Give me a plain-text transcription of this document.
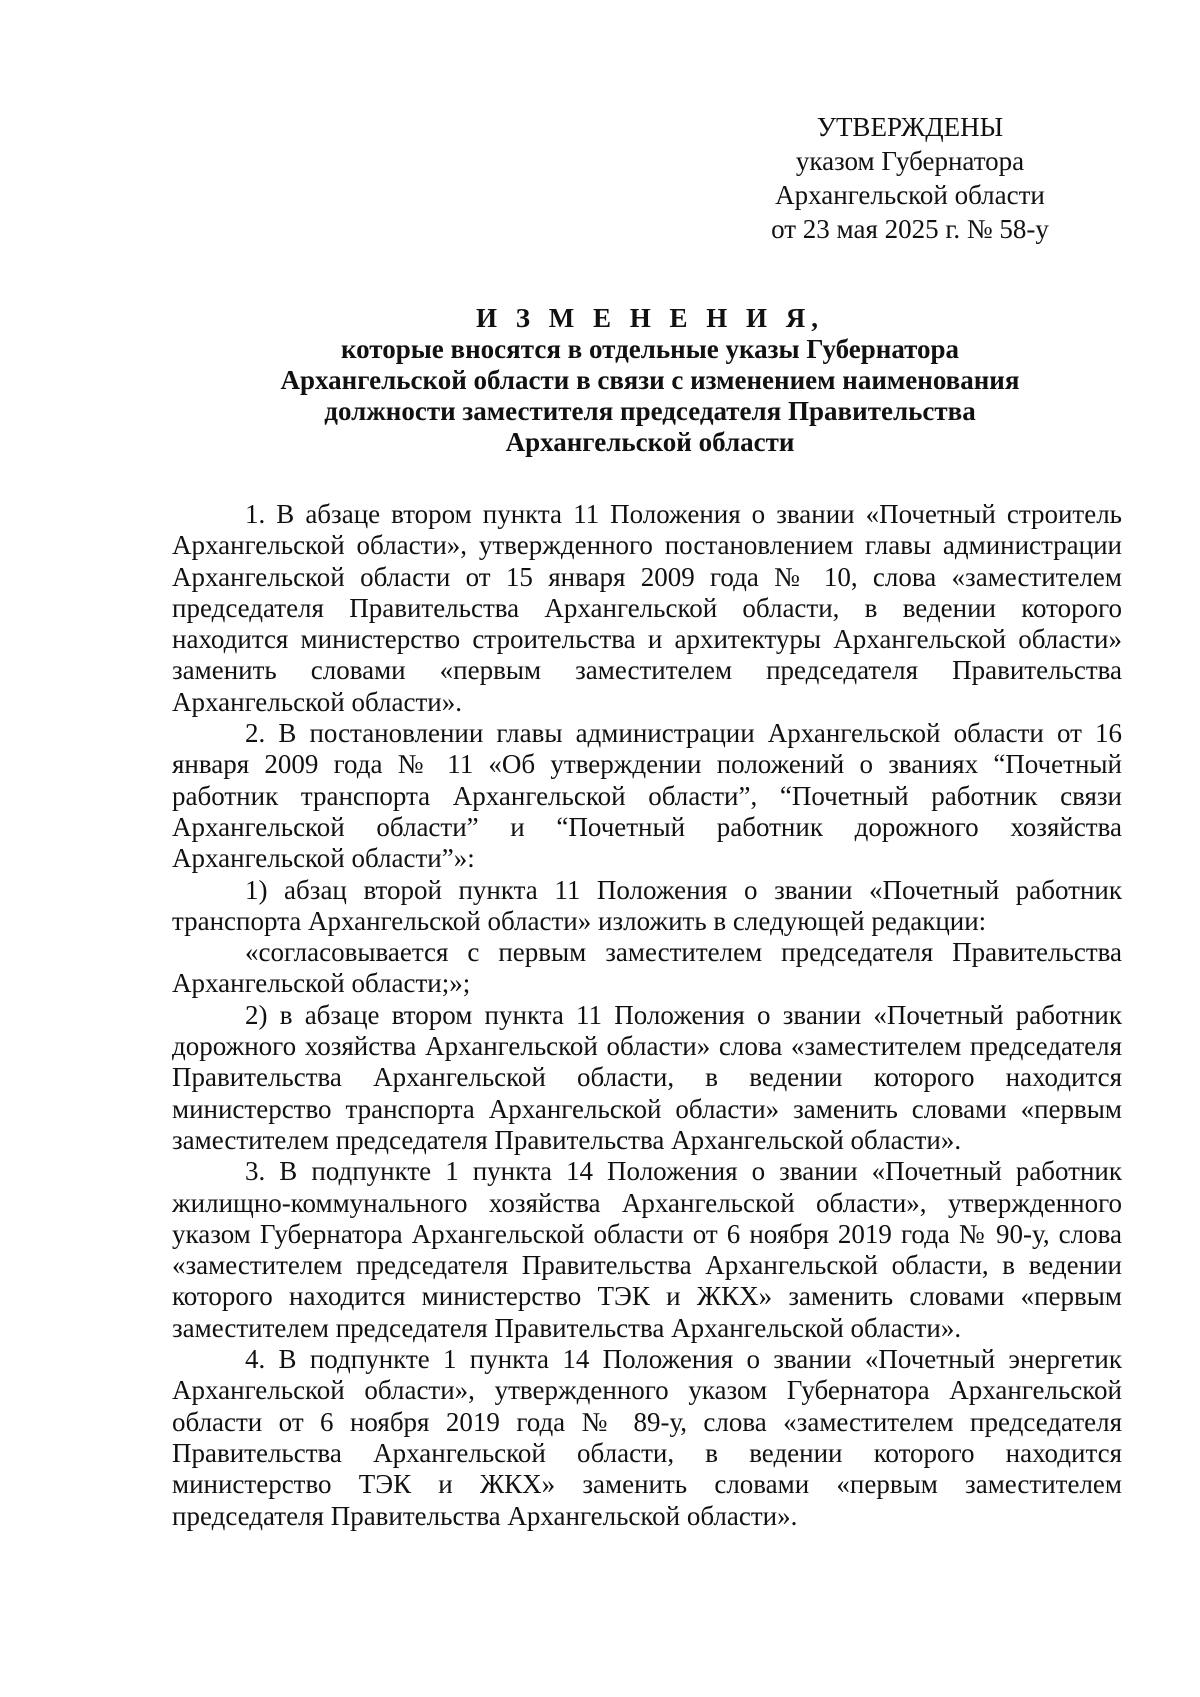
УТВЕРЖДЕНЫ
указом Губернатора
Архангельской области
от 23 мая 2025 г. № 58-у
И З М Е Н Е Н И Я,
которые вносятся в отдельные указы Губернатора
Архангельской области в связи с изменением наименования
должности заместителя председателя Правительства
Архангельской области

1. В абзаце втором пункта 11 Положения о звании «Почетный строитель Архангельской области», утвержденного постановлением главы администрации Архангельской области от 15 января 2009 года № 10, слова «заместителем председателя Правительства Архангельской области, в ведении которого находится министерство строительства и архитектуры Архангельской области» заменить словами «первым заместителем председателя Правительства Архангельской области».

2. В постановлении главы администрации Архангельской области от 16 января 2009 года № 11 «Об утверждении положений о званиях “Почетный работник транспорта Архангельской области”, “Почетный работник связи Архангельской области” и “Почетный работник дорожного хозяйства Архангельской области”»:

1) абзац второй пункта 11 Положения о звании «Почетный работник транспорта Архангельской области» изложить в следующей редакции:

«согласовывается с первым заместителем председателя Правительства Архангельской области;»;

2) в абзаце втором пункта 11 Положения о звании «Почетный работник дорожного хозяйства Архангельской области» слова «заместителем председателя Правительства Архангельской области, в ведении которого находится министерство транспорта Архангельской области» заменить словами «первым заместителем председателя Правительства Архангельской области».

3. В подпункте 1 пункта 14 Положения о звании «Почетный работник жилищно-коммунального хозяйства Архангельской области», утвержденного указом Губернатора Архангельской области от 6 ноября 2019 года № 90-у, слова «заместителем председателя Правительства Архангельской области, в ведении которого находится министерство ТЭК и ЖКХ» заменить словами «первым заместителем председателя Правительства Архангельской области».

4. В подпункте 1 пункта 14 Положения о звании «Почетный энергетик Архангельской области», утвержденного указом Губернатора Архангельской области от 6 ноября 2019 года № 89-у, слова «заместителем председателя Правительства Архангельской области, в ведении которого находится министерство ТЭК и ЖКХ» заменить словами «первым заместителем председателя Правительства Архангельской области».
